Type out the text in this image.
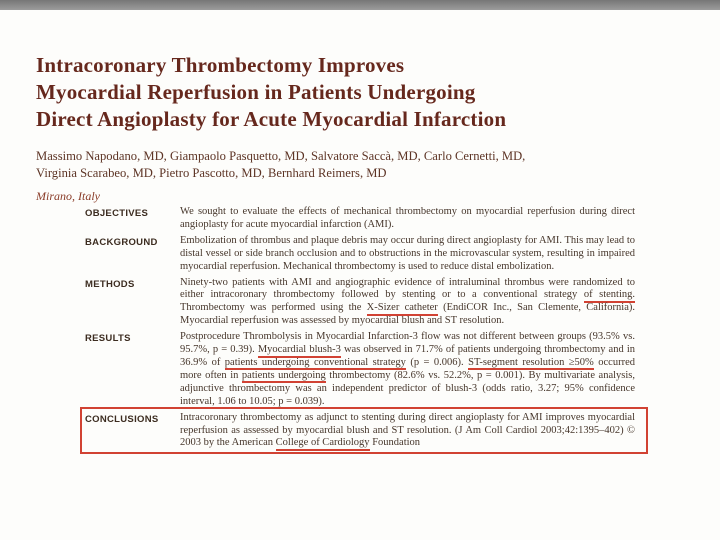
Intracoronary Thrombectomy Improves
Myocardial Reperfusion in Patients Undergoing
Direct Angioplasty for Acute Myocardial Infarction
Massimo Napodano, MD, Giampaolo Pasquetto, MD, Salvatore Saccà, MD, Carlo Cernetti, MD,
Virginia Scarabeo, MD, Pietro Pascotto, MD, Bernhard Reimers, MD
Mirano, Italy
OBJECTIVES	We sought to evaluate the effects of mechanical thrombectomy on myocardial reperfusion during direct angioplasty for acute myocardial infarction (AMI).
BACKGROUND	Embolization of thrombus and plaque debris may occur during direct angioplasty for AMI. This may lead to distal vessel or side branch occlusion and to obstructions in the microvascular system, resulting in impaired myocardial reperfusion. Mechanical thrombectomy is used to reduce distal embolization.
METHODS	Ninety-two patients with AMI and angiographic evidence of intraluminal thrombus were randomized to either intracoronary thrombectomy followed by stenting or to a conventional strategy of stenting. Thrombectomy was performed using the X-Sizer catheter (EndiCOR Inc., San Clemente, California). Myocardial reperfusion was assessed by myocardial blush and ST resolution.
RESULTS	Postprocedure Thrombolysis in Myocardial Infarction-3 flow was not different between groups (93.5% vs. 95.7%, p = 0.39). Myocardial blush-3 was observed in 71.7% of patients undergoing thrombectomy and in 36.9% of patients undergoing conventional strategy (p = 0.006). ST-segment resolution ≥50% occurred more often in patients undergoing thrombectomy (82.6% vs. 52.2%, p = 0.001). By multivariate analysis, adjunctive thrombectomy was an independent predictor of blush-3 (odds ratio, 3.27; 95% confidence interval, 1.06 to 10.05; p = 0.039).
CONCLUSIONS	Intracoronary thrombectomy as adjunct to stenting during direct angioplasty for AMI improves myocardial reperfusion as assessed by myocardial blush and ST resolution. (J Am Coll Cardiol 2003;42:1395–402) © 2003 by the American College of Cardiology Foundation
